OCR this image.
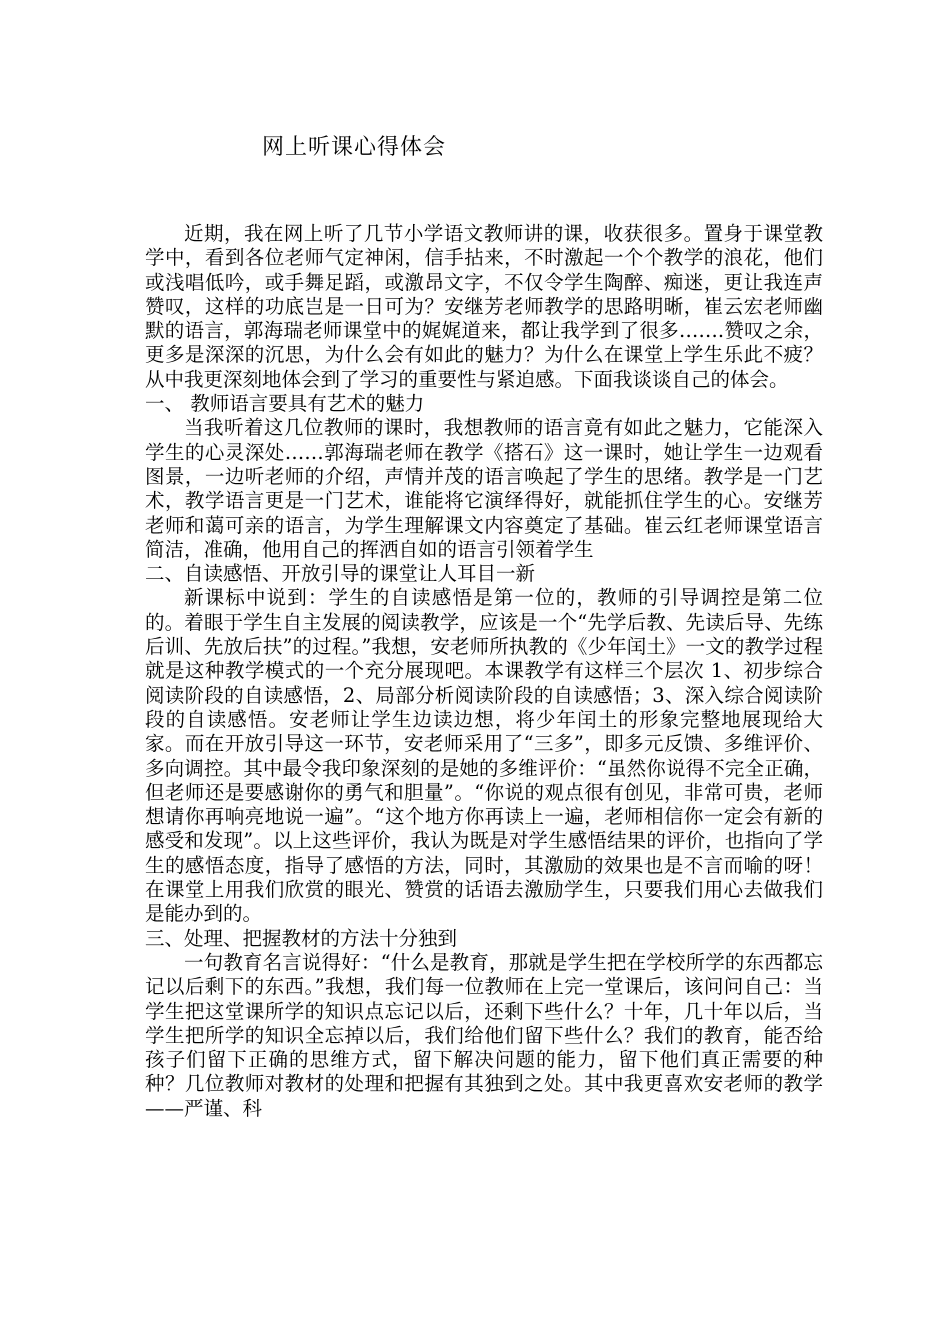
网上听课心得体会

近期，我在网上听了几节小学语文教师讲的课，收获很多。置身于课堂教学中，看到各位老师气定神闲，信手拈来，不时激起一个个教学的浪花，他们或浅唱低吟，或手舞足蹈，或激昂文字，不仅令学生陶醉、痴迷，更让我连声赞叹，这样的功底岂是一日可为？安继芳老师教学的思路明晰，崔云宏老师幽默的语言，郭海瑞老师课堂中的娓娓道来，都让我学到了很多…….赞叹之余，更多是深深的沉思，为什么会有如此的魅力？为什么在课堂上学生乐此不疲？从中我更深刻地体会到了学习的重要性与紧迫感。下面我谈谈自己的体会。

一、 教师语言要具有艺术的魅力

当我听着这几位教师的课时，我想教师的语言竟有如此之魅力，它能深入学生的心灵深处……郭海瑞老师在教学《搭石》这一课时，她让学生一边观看图景，一边听老师的介绍，声情并茂的语言唤起了学生的思绪。教学是一门艺术，教学语言更是一门艺术，谁能将它演绎得好，就能抓住学生的心。安继芳老师和蔼可亲的语言，为学生理解课文内容奠定了基础。崔云红老师课堂语言简洁，准确，他用自己的挥洒自如的语言引领着学生

二、自读感悟、开放引导的课堂让人耳目一新

新课标中说到：学生的自读感悟是第一位的，教师的引导调控是第二位的。着眼于学生自主发展的阅读教学，应该是一个“先学后教、先读后导、先练后训、先放后扶”的过程。”我想，安老师所执教的《少年闰土》一文的教学过程就是这种教学模式的一个充分展现吧。本课教学有这样三个层次 1、初步综合阅读阶段的自读感悟，2、局部分析阅读阶段的自读感悟；3、深入综合阅读阶段的自读感悟。安老师让学生边读边想，将少年闰土的形象完整地展现给大家。而在开放引导这一环节，安老师采用了“三多”，即多元反馈、多维评价、多向调控。其中最令我印象深刻的是她的多维评价：“虽然你说得不完全正确，但老师还是要感谢你的勇气和胆量”。“你说的观点很有创见，非常可贵，老师想请你再响亮地说一遍”。“这个地方你再读上一遍，老师相信你一定会有新的感受和发现”。以上这些评价，我认为既是对学生感悟结果的评价，也指向了学生的感悟态度，指导了感悟的方法，同时，其激励的效果也是不言而喻的呀！在课堂上用我们欣赏的眼光、赞赏的话语去激励学生，只要我们用心去做我们是能办到的。

三、处理、把握教材的方法十分独到

一句教育名言说得好：“什么是教育，那就是学生把在学校所学的东西都忘记以后剩下的东西。”我想，我们每一位教师在上完一堂课后，该问问自己：当学生把这堂课所学的知识点忘记以后，还剩下些什么？十年，几十年以后，当学生把所学的知识全忘掉以后，我们给他们留下些什么？我们的教育，能否给孩子们留下正确的思维方式，留下解决问题的能力，留下他们真正需要的种种？几位教师对教材的处理和把握有其独到之处。其中我更喜欢安老师的教学——严谨、科
